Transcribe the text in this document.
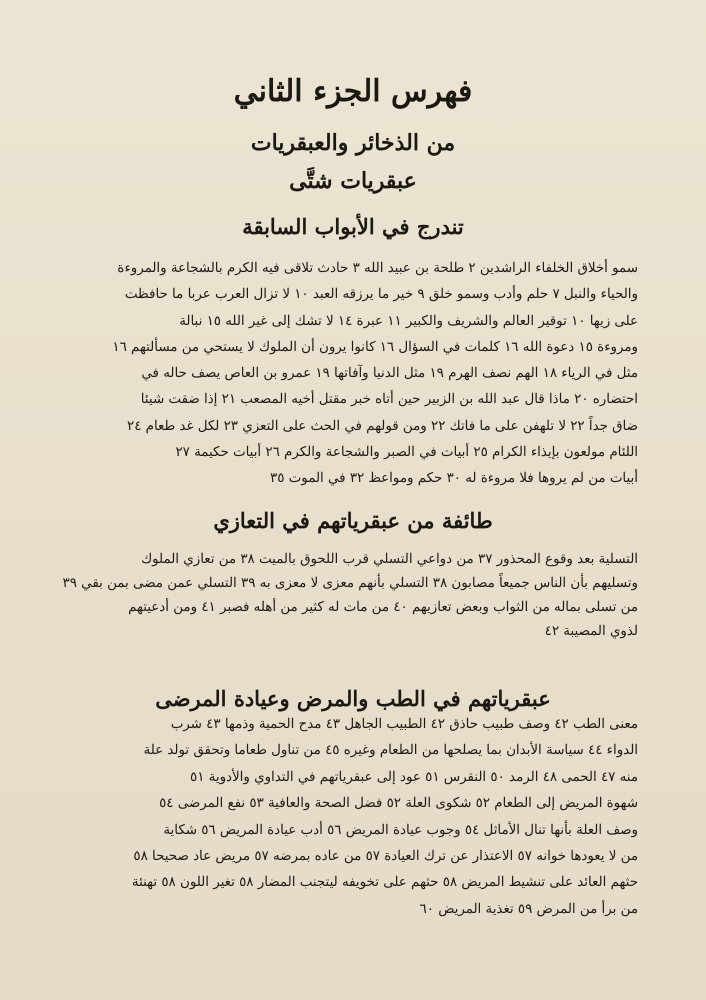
فهرس الجزء الثاني
من الذخائر والعبقريات
عبقريات شتَّى
تندرج في الأبواب السابقة
سمو أخلاق الخلفاء الراشدين ٢ طلحة بن عبيد الله ٣ حادث تلاقى فيه الكرم بالشجاعة والمروءة
والحياء والنبل ٧ حلم وأدب وسمو خلق ٩ خير ما يرزقه العبد ١٠ لا تزال العرب عربا ما حافظت
على زيها ١٠ توقير العالم والشريف والكبير ١١ عبرة ١٤ لا تشك إلى غير الله ١٥ نبالة
ومروءة ١٥ دعوة الله ١٦ كلمات في السؤال ١٦ كانوا يرون أن الملوك لا يستحي من مسألتهم ١٦
مثل في الرياء ١٨ الهم نصف الهرم ١٩ مثل الدنيا وآفاتها ١٩ عمرو بن العاص يصف حاله في
احتضاره ٢٠ ماذا قال عبد الله بن الزبير حين أتاه خبر مقتل أخيه المصعب ٢١ إذا ضقت شيئا
ضاق جداً ٢٢ لا تلهفن على ما فاتك ٢٢ ومن قولهم في الحث على التعزي ٢٣ لكل غد طعام ٢٤
اللئام مولعون بإيذاء الكرام ٢٥ أبيات في الصبر والشجاعة والكرم ٢٦ أبيات حكيمة ٢٧
أبيات من لم يروها فلا مروءة له ٣٠ حكم ومواعظ ٣٢ في الموت ٣٥
طائفة من عبقرياتهم في التعازي
التسلية بعد وقوع المحذور ٣٧ من دواعي التسلي قرب اللحوق بالميت ٣٨ من تعازي الملوك
وتسليهم بأن الناس جميعاً مصابون ٣٨ التسلي بأنهم معزى لا معزى به ٣٩ التسلي عمن مضى بمن بقي ٣٩
من تسلى بماله من الثواب وبعض تعازيهم ٤٠ من مات له كثير من أهله فصبر ٤١ ومن أدعيتهم
لذوي المصيبة ٤٢
عبقرياتهم في الطب والمرض وعيادة المرضى
معنى الطب ٤٢ وصف طبيب حاذق ٤٢ الطبيب الجاهل ٤٣ مدح الحمية وذمها ٤٣ شرب
الدواء ٤٤ سياسة الأبدان بما يصلحها من الطعام وغيره ٤٥ من تناول طعاما وتحقق تولد علة
منه ٤٧ الحمى ٤٨ الرمد ٥٠ النقرس ٥١ عود إلى عبقرياتهم في التداوي والأدوية ٥١
شهوة المريض إلى الطعام ٥٢ شكوى العلة ٥٢ فضل الصحة والعافية ٥٣ نفع المرضى ٥٤
وصف العلة بأنها تنال الأماثل ٥٤ وجوب عيادة المريض ٥٦ أدب عيادة المريض ٥٦ شكاية
من لا يعودها خوانه ٥٧ الاعتذار عن ترك العيادة ٥٧ من عاده بمرضه ٥٧ مريض عاد صحيحا ٥٨
حثهم العائد على تنشيط المريض ٥٨ حثهم على تخويفه ليتجنب المضار ٥٨ تغير اللون ٥٨ تهنئة
من برأ من المرض ٥٩ تغذية المريض ٦٠
